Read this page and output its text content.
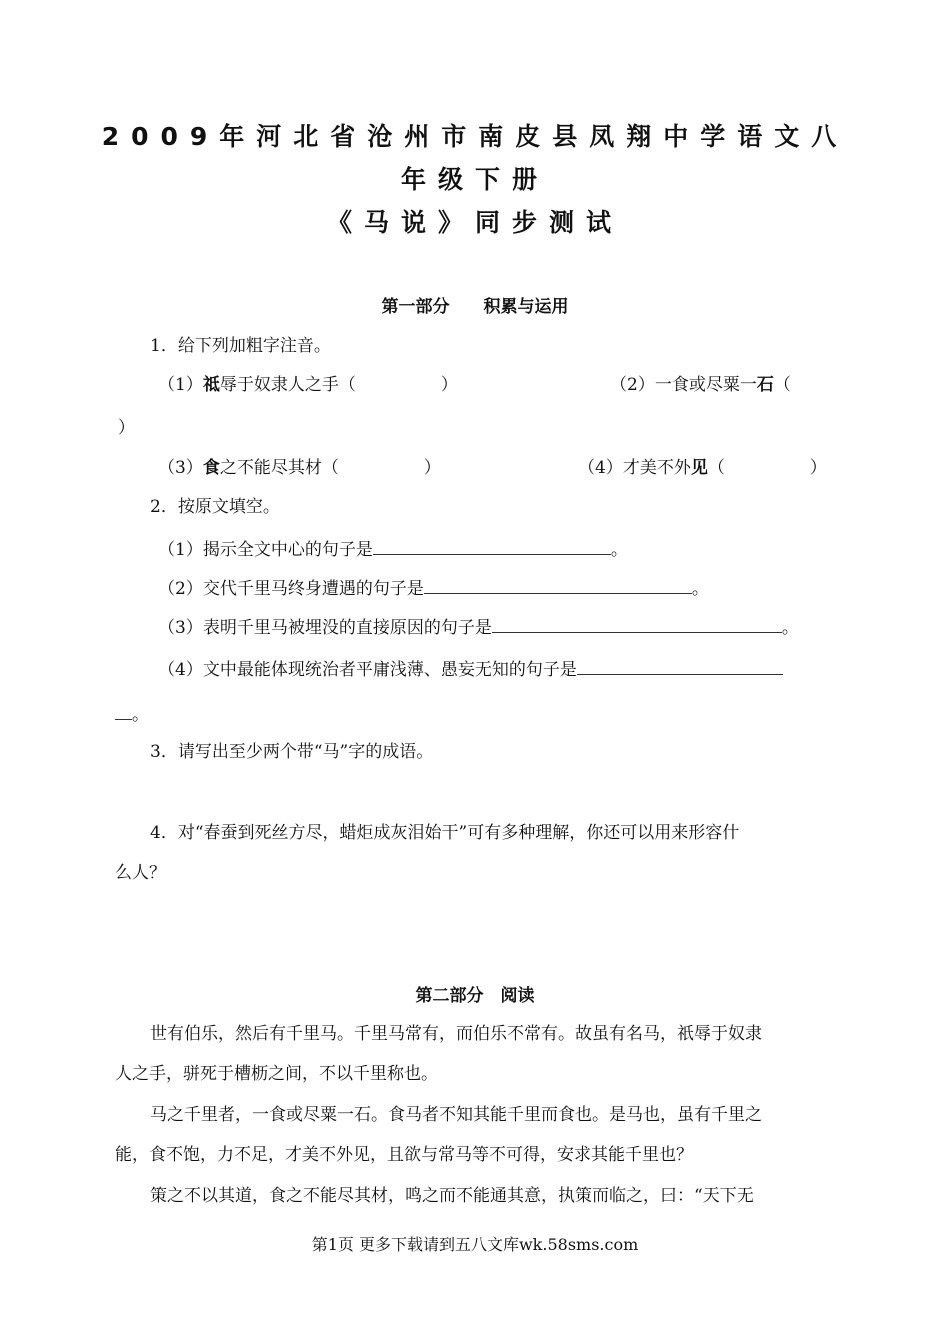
2009年河北省沧州市南皮县凤翔中学语文八
年级下册
《马说》同步测试
第一部分　　积累与运用
1．给下列加粗字注音。
（1）祗辱于奴隶人之手（　　　　　）	（2）一食或尽粟一石（
）
（3）食之不能尽其材（　　　　　）	（4）才美不外见（　　　　　）
2．按原文填空。
（1）揭示全文中心的句子是	。
（2）交代千里马终身遭遇的句子是	。
（3）表明千里马被埋没的直接原因的句子是	。
（4）文中最能体现统治者平庸浅薄、愚妄无知的句子是
。
3．请写出至少两个带“马”字的成语。
4．对“春蚕到死丝方尽，蜡炬成灰泪始干”可有多种理解，你还可以用来形容什
么人？
第二部分　阅读
世有伯乐，然后有千里马。千里马常有，而伯乐不常有。故虽有名马，祇辱于奴隶
人之手，骈死于槽枥之间，不以千里称也。
马之千里者，一食或尽粟一石。食马者不知其能千里而食也。是马也，虽有千里之
能，食不饱，力不足，才美不外见，且欲与常马等不可得，安求其能千里也？
策之不以其道，食之不能尽其材，鸣之而不能通其意，执策而临之，曰：“天下无
第1页 更多下载请到五八文库wk.58sms.com
